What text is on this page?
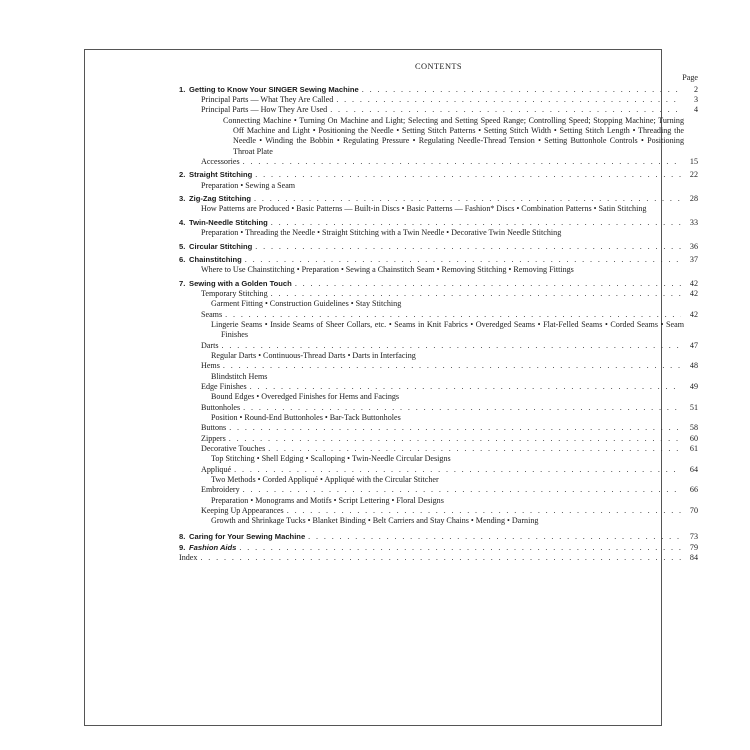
CONTENTS
Page
1. Getting to Know Your SINGER Sewing Machine . . .	2
Principal Parts — What They Are Called . . .	3
Principal Parts — How They Are Used . . .	4
Connecting Machine • Turning On Machine and Light; Selecting and Setting Speed Range; Controlling Speed; Stopping Machine; Turning Off Machine and Light • Positioning the Needle • Setting Stitch Patterns • Setting Stitch Width • Setting Stitch Length • Threading the Needle • Winding the Bobbin • Regulating Pressure • Regulating Needle-Thread Tension • Setting Buttonhole Controls • Positioning Throat Plate
Accessories . . .	15
2. Straight Stitching . . .	22
Preparation • Sewing a Seam
3. Zig-Zag Stitching . . .	28
How Patterns are Produced • Basic Patterns — Built-in Discs • Basic Patterns — Fashion* Discs • Combination Patterns • Satin Stitching
4. Twin-Needle Stitching . . .	33
Preparation • Threading the Needle • Straight Stitching with a Twin Needle • Decorative Twin Needle Stitching
5. Circular Stitching . . .	36
6. Chainstitching . . .	37
Where to Use Chainstitching • Preparation • Sewing a Chainstitch Seam • Removing Stitching • Removing Fittings
7. Sewing with a Golden Touch . . .	42
Temporary Stitching . . .	42
Garment Fitting • Construction Guidelines • Stay Stitching
Seams . . .	42
Lingerie Seams • Inside Seams of Sheer Collars, etc. • Seams in Knit Fabrics • Overedged Seams • Flat-Felled Seams • Corded Seams • Seam Finishes
Darts . . .	47
Regular Darts • Continuous-Thread Darts • Darts in Interfacing
Hems . . .	48
Blindstitch Hems
Edge Finishes . . .	49
Bound Edges • Overedged Finishes for Hems and Facings
Buttonholes . . .	51
Position • Round-End Buttonholes • Bar-Tack Buttonholes
Buttons . . .	58
Zippers . . .	60
Decorative Touches . . .	61
Top Stitching • Shell Edging • Scalloping • Twin-Needle Circular Designs
Appliqué . . .	64
Two Methods • Corded Appliqué • Appliqué with the Circular Stitcher
Embroidery . . .	66
Preparation • Monograms and Motifs • Script Lettering • Floral Designs
Keeping Up Appearances . . .	70
Growth and Shrinkage Tucks • Blanket Binding • Belt Carriers and Stay Chains • Mending • Darning
8. Caring for Your Sewing Machine . . .	73
9. Fashion Aids . . .	79
Index . . .	84
